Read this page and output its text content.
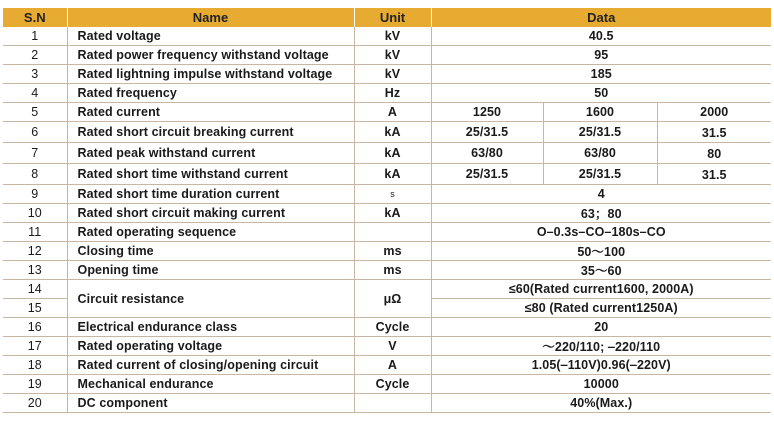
S.N	Name	Unit	Data		
1	Rated voltage	kV	40.5		
2	Rated power frequency withstand voltage	kV	95		
3	Rated lightning impulse withstand voltage	kV	185		
4	Rated frequency	Hz	50		
5	Rated current	A	1250	1600	2000
6	Rated short circuit breaking current	kA	25/31.5	25/31.5	31.5
7	Rated peak withstand current	kA	63/80	63/80	80
8	Rated short time withstand current	kA	25/31.5	25/31.5	31.5
9	Rated short time duration current	s	4		
10	Rated short circuit making current	kA	63；80		
11	Rated operating sequence		O–0.3s–CO–180s–CO		
12	Closing time	ms	50～100		
13	Opening time	ms	35～60		
14	Circuit resistance	μΩ	≤60(Rated current1600, 2000A)		
15			≤80 (Rated current1250A)		
16	Electrical endurance class	Cycle	20		
17	Rated operating voltage	V	～220/110; ‒220/110		
18	Rated current of closing/opening circuit	A	1.05(‒110V)0.96(‒220V)		
19	Mechanical endurance	Cycle	10000		
20	DC component		40%(Max.)		
